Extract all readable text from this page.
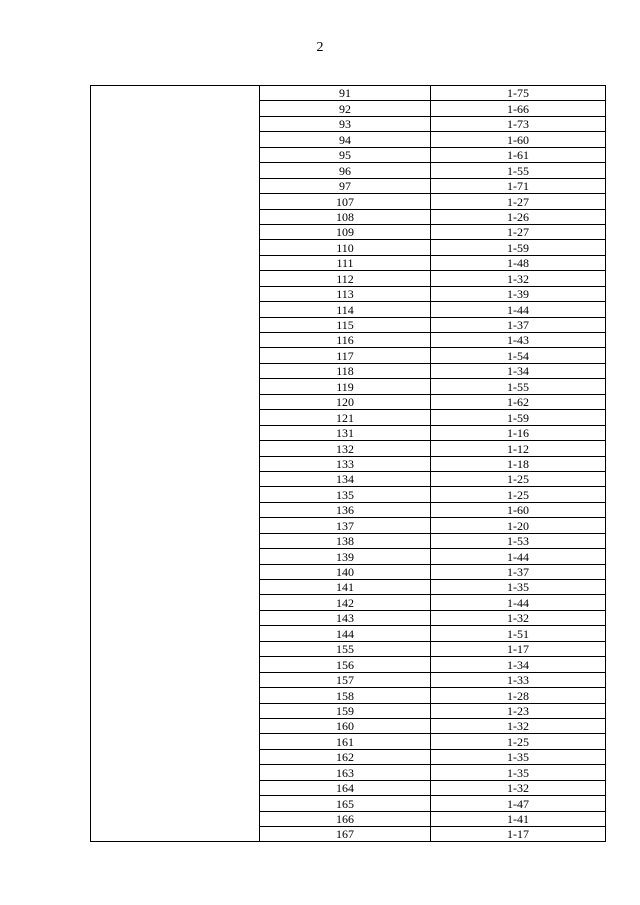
2
	91	1-75
	92	1-66
	93	1-73
	94	1-60
	95	1-61
	96	1-55
	97	1-71
	107	1-27
	108	1-26
	109	1-27
	110	1-59
	111	1-48
	112	1-32
	113	1-39
	114	1-44
	115	1-37
	116	1-43
	117	1-54
	118	1-34
	119	1-55
	120	1-62
	121	1-59
	131	1-16
	132	1-12
	133	1-18
	134	1-25
	135	1-25
	136	1-60
	137	1-20
	138	1-53
	139	1-44
	140	1-37
	141	1-35
	142	1-44
	143	1-32
	144	1-51
	155	1-17
	156	1-34
	157	1-33
	158	1-28
	159	1-23
	160	1-32
	161	1-25
	162	1-35
	163	1-35
	164	1-32
	165	1-47
	166	1-41
	167	1-17
